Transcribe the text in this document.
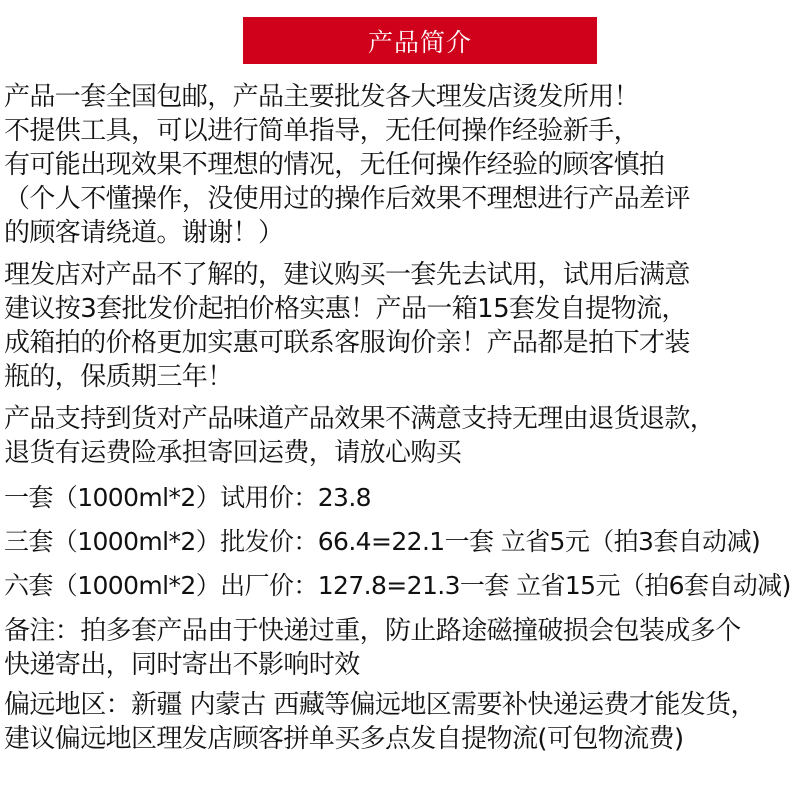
产品简介
产品一套全国包邮，产品主要批发各大理发店烫发所用！
不提供工具，可以进行简单指导，无任何操作经验新手，
有可能出现效果不理想的情况，无任何操作经验的顾客慎拍
（个人不懂操作，没使用过的操作后效果不理想进行产品差评
的顾客请绕道。谢谢！）
理发店对产品不了解的，建议购买一套先去试用，试用后满意
建议按3套批发价起拍价格实惠！产品一箱15套发自提物流，
成箱拍的价格更加实惠可联系客服询价亲！产品都是拍下才装
瓶的，保质期三年！
产品支持到货对产品味道产品效果不满意支持无理由退货退款，
退货有运费险承担寄回运费，请放心购买
一套（1000ml*2）试用价：23.8
三套（1000ml*2）批发价：66.4=22.1一套 立省5元（拍3套自动减)
六套（1000ml*2）出厂价：127.8=21.3一套 立省15元（拍6套自动减)
备注：拍多套产品由于快递过重，防止路途磁撞破损会包装成多个
快递寄出，同时寄出不影响时效
偏远地区：新疆 内蒙古 西藏等偏远地区需要补快递运费才能发货，
建议偏远地区理发店顾客拼单买多点发自提物流(可包物流费)
